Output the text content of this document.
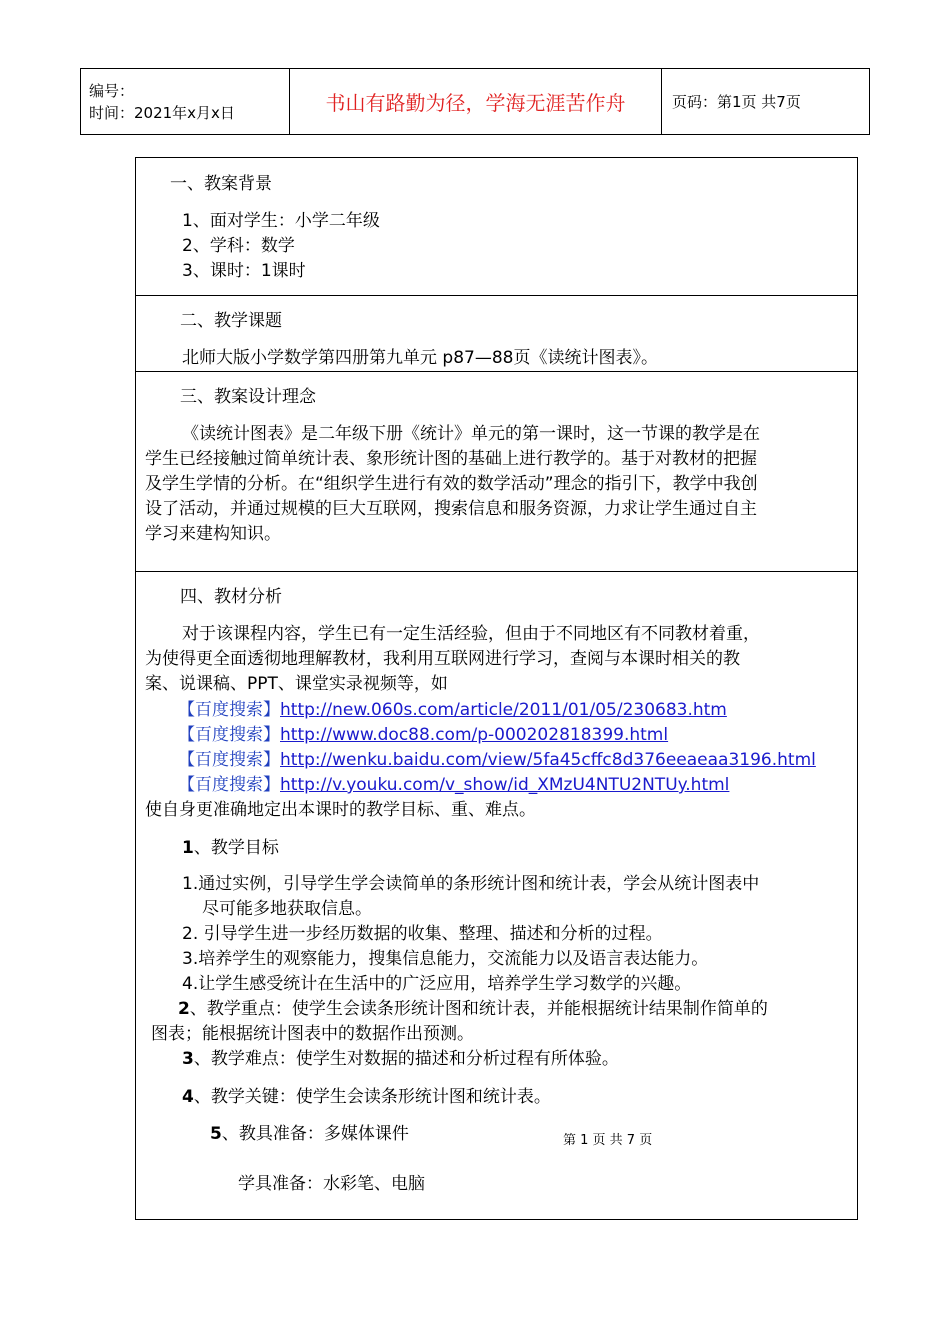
编号：
时间：2021年x月x日	书山有路勤为径，学海无涯苦作舟	页码：第1页 共7页
一、教案背景
1、面对学生：小学二年级
2、学科：数学
3、课时：1课时

二、教学课题
北师大版小学数学第四册第九单元 p87—88页《读统计图表》。

三、教案设计理念
《读统计图表》是二年级下册《统计》单元的第一课时，这一节课的教学是在
学生已经接触过简单统计表、象形统计图的基础上进行教学的。基于对教材的把握
及学生学情的分析。在“组织学生进行有效的数学活动”理念的指引下，教学中我创
设了活动，并通过规模的巨大互联网，搜索信息和服务资源，力求让学生通过自主
学习来建构知识。

四、教材分析
对于该课程内容，学生已有一定生活经验，但由于不同地区有不同教材着重，
为使得更全面透彻地理解教材，我利用互联网进行学习，查阅与本课时相关的教
案、说课稿、PPT、课堂实录视频等，如
【百度搜索】http://new.060s.com/article/2011/01/05/230683.htm
【百度搜索】http://www.doc88.com/p-000202818399.html
【百度搜索】http://wenku.baidu.com/view/5fa45cffc8d376eeaeaa3196.html
【百度搜索】http://v.youku.com/v_show/id_XMzU4NTU2NTUy.html
使自身更准确地定出本课时的教学目标、重、难点。
1、教学目标
1.通过实例，引导学生学会读简单的条形统计图和统计表，学会从统计图表中
尽可能多地获取信息。
2. 引导学生进一步经历数据的收集、整理、描述和分析的过程。
3.培养学生的观察能力，搜集信息能力，交流能力以及语言表达能力。
4.让学生感受统计在生活中的广泛应用，培养学生学习数学的兴趣。
2、教学重点：使学生会读条形统计图和统计表，并能根据统计结果制作简单的
图表；能根据统计图表中的数据作出预测。
3、教学难点：使学生对数据的描述和分析过程有所体验。
4、教学关键：使学生会读条形统计图和统计表。
5、教具准备：多媒体课件	第 1 页 共 7 页
学具准备：水彩笔、电脑
